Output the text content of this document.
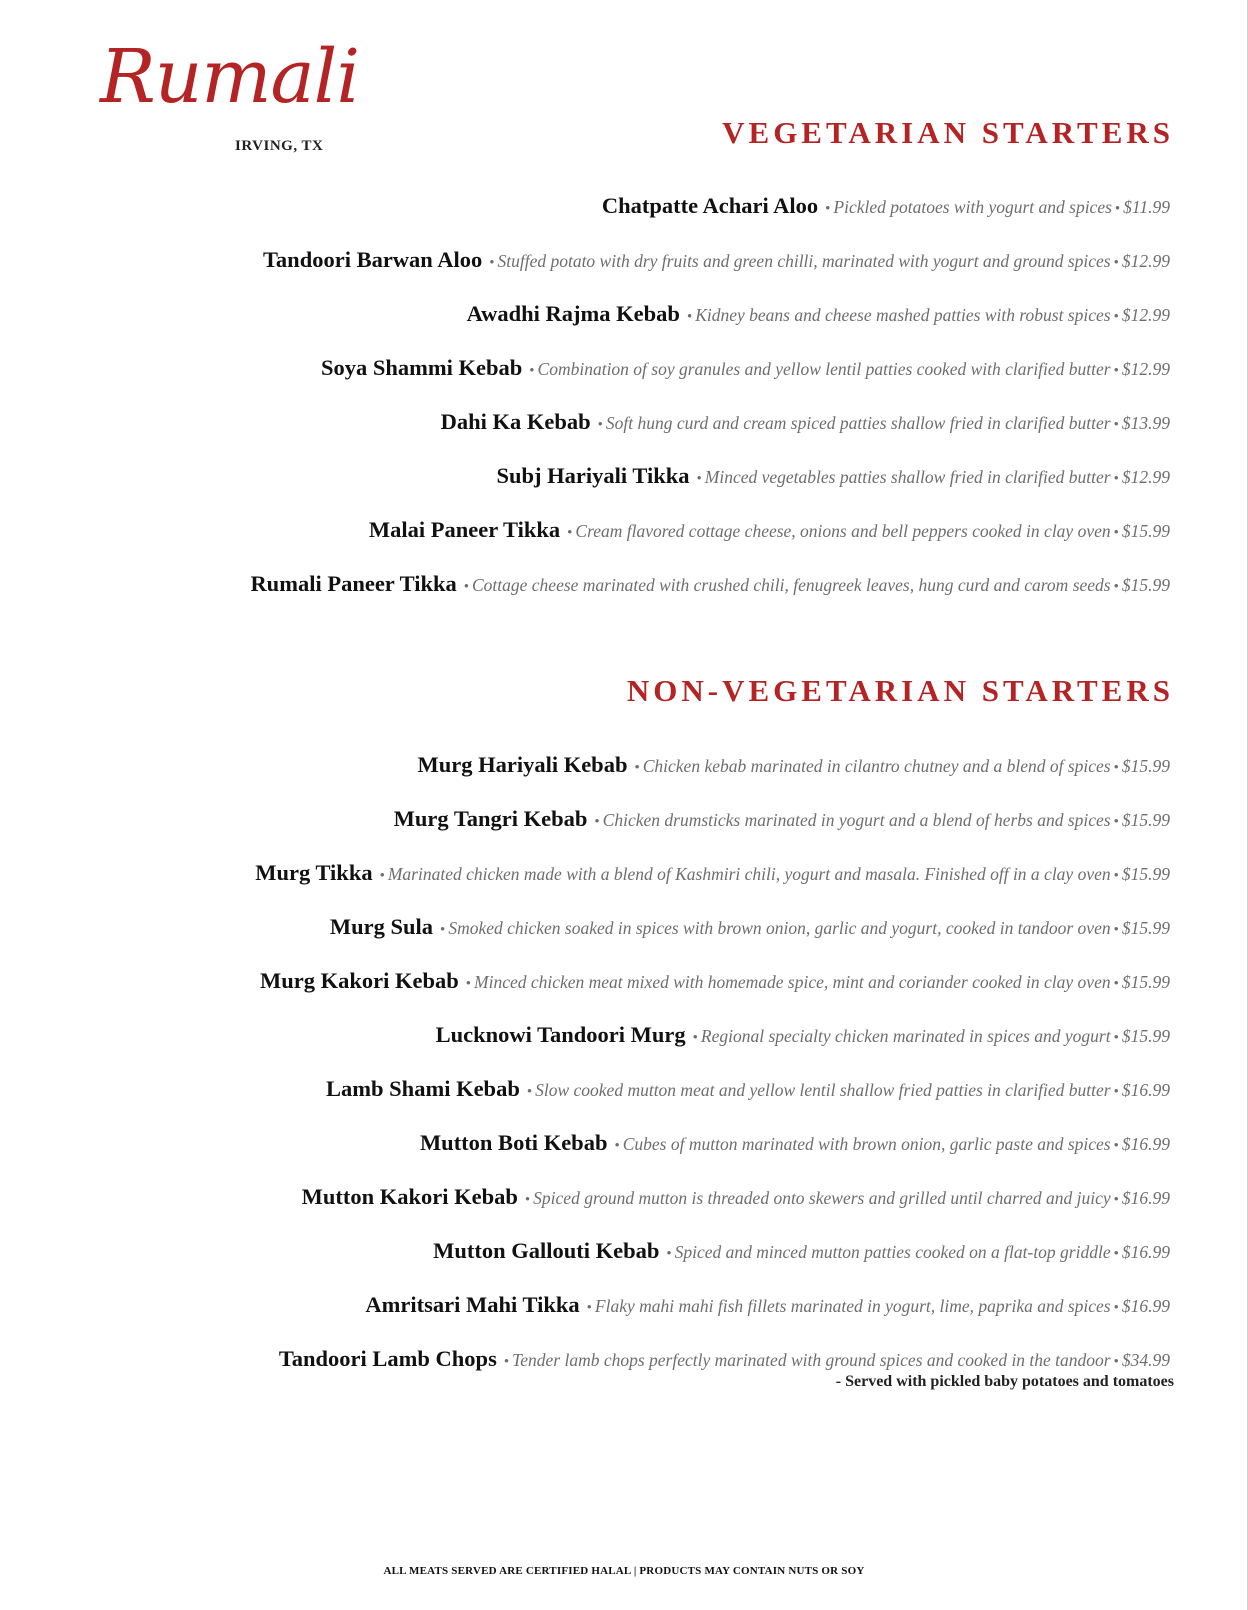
Rumali
IRVING, TX	VEGETARIAN STARTERS
Chatpatte Achari Aloo • Pickled potatoes with yogurt and spices • $11.99
Tandoori Barwan Aloo • Stuffed potato with dry fruits and green chilli, marinated with yogurt and ground spices • $12.99
Awadhi Rajma Kebab • Kidney beans and cheese mashed patties with robust spices • $12.99
Soya Shammi Kebab • Combination of soy granules and yellow lentil patties cooked with clarified butter • $12.99
Dahi Ka Kebab • Soft hung curd and cream spiced patties shallow fried in clarified butter • $13.99
Subj Hariyali Tikka • Minced vegetables patties shallow fried in clarified butter • $12.99
Malai Paneer Tikka • Cream flavored cottage cheese, onions and bell peppers cooked in clay oven • $15.99
Rumali Paneer Tikka • Cottage cheese marinated with crushed chili, fenugreek leaves, hung curd and carom seeds • $15.99
NON-VEGETARIAN STARTERS
Murg Hariyali Kebab • Chicken kebab marinated in cilantro chutney and a blend of spices • $15.99
Murg Tangri Kebab • Chicken drumsticks marinated in yogurt and a blend of herbs and spices • $15.99
Murg Tikka • Marinated chicken made with a blend of Kashmiri chili, yogurt and masala. Finished off in a clay oven • $15.99
Murg Sula • Smoked chicken soaked in spices with brown onion, garlic and yogurt, cooked in tandoor oven • $15.99
Murg Kakori Kebab • Minced chicken meat mixed with homemade spice, mint and coriander cooked in clay oven • $15.99
Lucknowi Tandoori Murg • Regional specialty chicken marinated in spices and yogurt • $15.99
Lamb Shami Kebab • Slow cooked mutton meat and yellow lentil shallow fried patties in clarified butter • $16.99
Mutton Boti Kebab • Cubes of mutton marinated with brown onion, garlic paste and spices • $16.99
Mutton Kakori Kebab • Spiced ground mutton is threaded onto skewers and grilled until charred and juicy • $16.99
Mutton Gallouti Kebab • Spiced and minced mutton patties cooked on a flat-top griddle • $16.99
Amritsari Mahi Tikka • Flaky mahi mahi fish fillets marinated in yogurt, lime, paprika and spices • $16.99
Tandoori Lamb Chops • Tender lamb chops perfectly marinated with ground spices and cooked in the tandoor • $34.99
- Served with pickled baby potatoes and tomatoes
ALL MEATS SERVED ARE CERTIFIED HALAL | PRODUCTS MAY CONTAIN NUTS OR SOY
